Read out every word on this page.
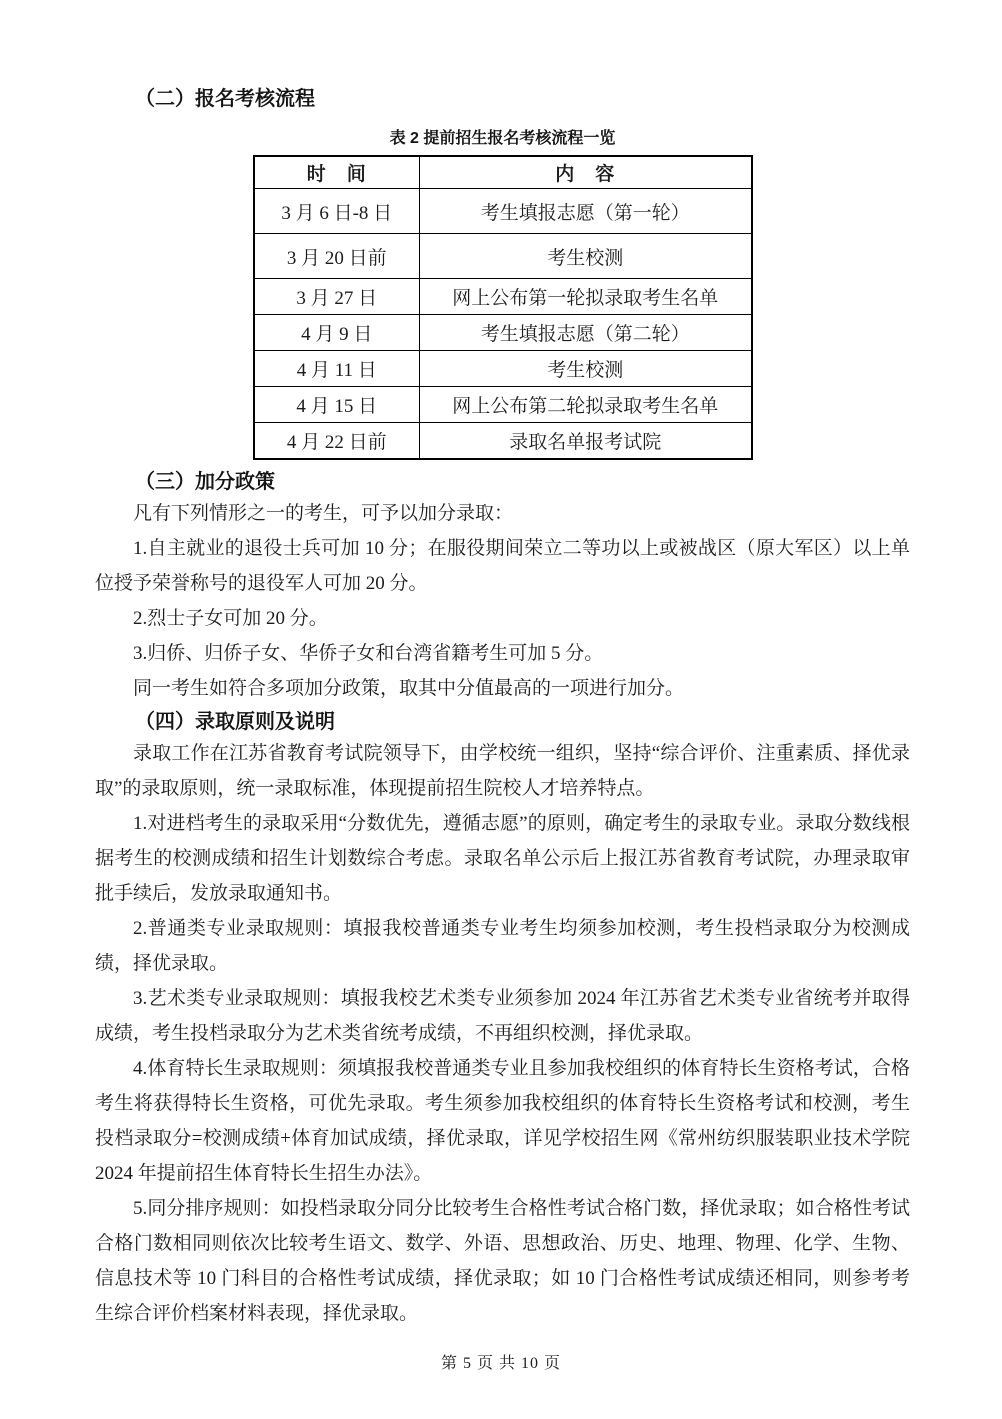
（二）报名考核流程
表 2 提前招生报名考核流程一览
时　间	内　容
3 月 6 日-8 日	考生填报志愿（第一轮）
3 月 20 日前	考生校测
3 月 27 日	网上公布第一轮拟录取考生名单
4 月 9 日	考生填报志愿（第二轮）
4 月 11 日	考生校测
4 月 15 日	网上公布第二轮拟录取考生名单
4 月 22 日前	录取名单报考试院
（三）加分政策

凡有下列情形之一的考生，可予以加分录取：

1.自主就业的退役士兵可加 10 分；在服役期间荣立二等功以上或被战区（原大军区）以上单位授予荣誉称号的退役军人可加 20 分。

2.烈士子女可加 20 分。

3.归侨、归侨子女、华侨子女和台湾省籍考生可加 5 分。

同一考生如符合多项加分政策，取其中分值最高的一项进行加分。

（四）录取原则及说明

录取工作在江苏省教育考试院领导下，由学校统一组织，坚持“综合评价、注重素质、择优录取”的录取原则，统一录取标准，体现提前招生院校人才培养特点。

1.对进档考生的录取采用“分数优先，遵循志愿”的原则，确定考生的录取专业。录取分数线根据考生的校测成绩和招生计划数综合考虑。录取名单公示后上报江苏省教育考试院，办理录取审批手续后，发放录取通知书。

2.普通类专业录取规则：填报我校普通类专业考生均须参加校测，考生投档录取分为校测成绩，择优录取。

3.艺术类专业录取规则：填报我校艺术类专业须参加 2024 年江苏省艺术类专业省统考并取得成绩，考生投档录取分为艺术类省统考成绩，不再组织校测，择优录取。

4.体育特长生录取规则：须填报我校普通类专业且参加我校组织的体育特长生资格考试，合格考生将获得特长生资格，可优先录取。考生须参加我校组织的体育特长生资格考试和校测，考生投档录取分=校测成绩+体育加试成绩，择优录取，详见学校招生网《常州纺织服装职业技术学院 2024 年提前招生体育特长生招生办法》。

5.同分排序规则：如投档录取分同分比较考生合格性考试合格门数，择优录取；如合格性考试合格门数相同则依次比较考生语文、数学、外语、思想政治、历史、地理、物理、化学、生物、信息技术等 10 门科目的合格性考试成绩，择优录取；如 10 门合格性考试成绩还相同，则参考考生综合评价档案材料表现，择优录取。

第 5 页 共 10 页
